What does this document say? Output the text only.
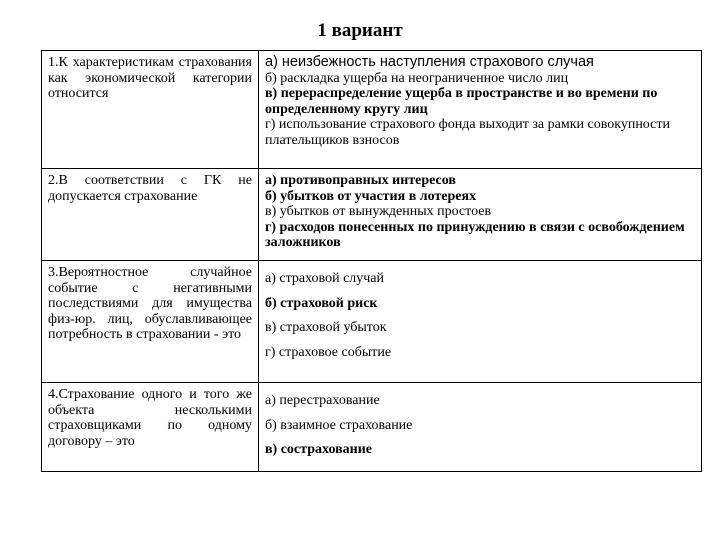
1 вариант
1.К характеристикам страхования как экономической категории относится	а) неизбежность наступления страхового случая
б) раскладка ущерба на неограниченное число лиц
в) перераспределение ущерба в пространстве и во времени по определенному кругу лиц
г) использование страхового фонда выходит за рамки совокупности плательщиков взносов

2.В соответствии с ГК не допускается страхование	а) противоправных интересов
б) убытков от участия в лотереях
в) убытков от вынужденных простоев
г) расходов понесенных по принуждению в связи с освобождением заложников

3.Вероятностное случайное событие с негативными последствиями для имущества физ-юр. лиц, обуславливающее потребность в страховании - это	а) страховой случай
б) страховой риск
в) страховой убыток
г) страховое событие

4.Страхование одного и того же объекта несколькими страховщиками по одному договору – это	а) перестрахование
б) взаимное страхование
в) сострахование
